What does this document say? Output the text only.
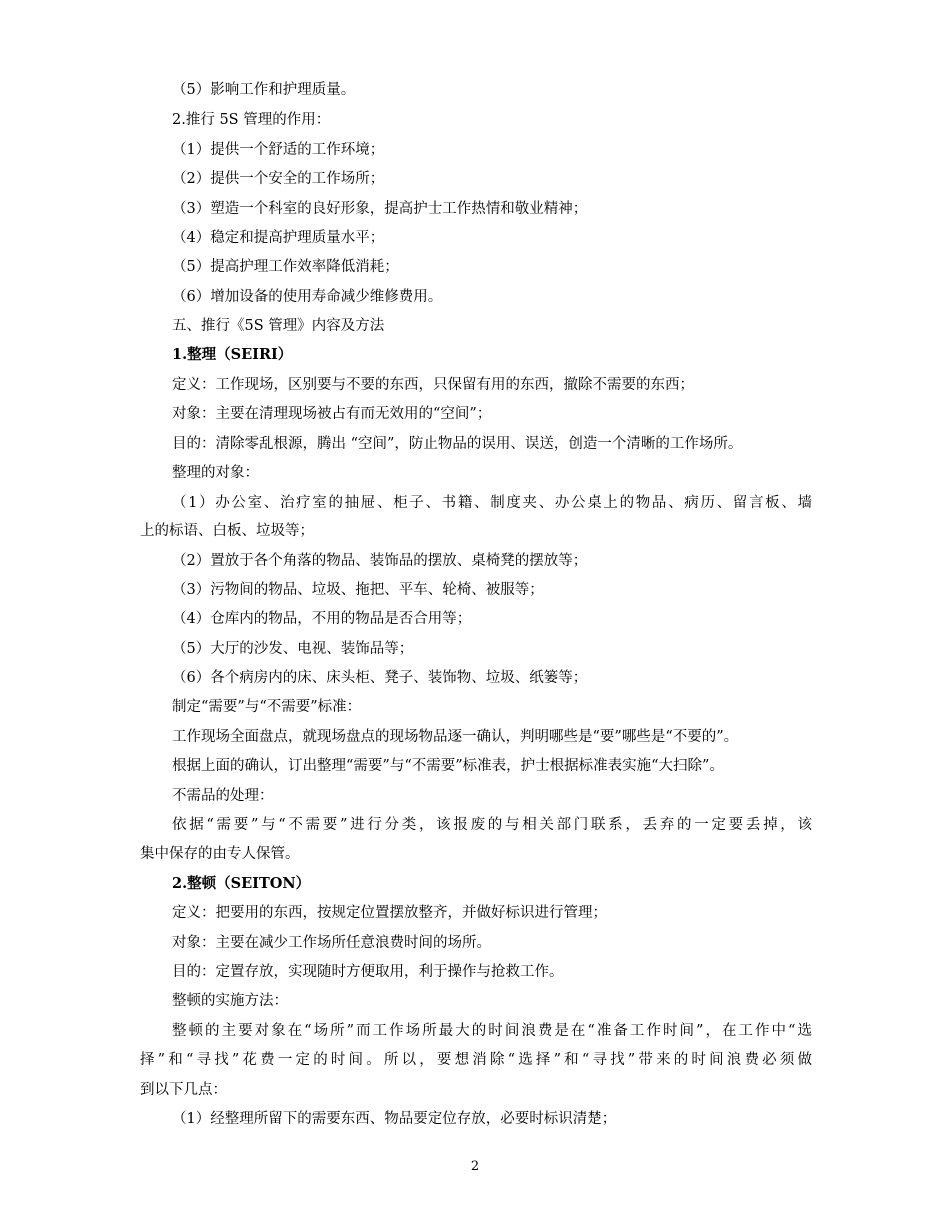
（5）影响工作和护理质量。
2.推行 5S 管理的作用：
（1）提供一个舒适的工作环境；
（2）提供一个安全的工作场所；
（3）塑造一个科室的良好形象，提高护士工作热情和敬业精神；
（4）稳定和提高护理质量水平；
（5）提高护理工作效率降低消耗；
（6）增加设备的使用寿命减少维修费用。
五、推行《5S 管理》内容及方法
1.整理（SEIRI）
定义：工作现场，区别要与不要的东西，只保留有用的东西，撤除不需要的东西；
对象：主要在清理现场被占有而无效用的“空间”；
目的：清除零乱根源，腾出 “空间”，防止物品的误用、误送，创造一个清晰的工作场所。
整理的对象：
（1）办公室、治疗室的抽屉、柜子、书籍、制度夹、办公桌上的物品、病历、留言板、墙
上的标语、白板、垃圾等；
（2）置放于各个角落的物品、装饰品的摆放、桌椅凳的摆放等；
（3）污物间的物品、垃圾、拖把、平车、轮椅、被服等；
（4）仓库内的物品，不用的物品是否合用等；
（5）大厅的沙发、电视、装饰品等；
（6）各个病房内的床、床头柜、凳子、装饰物、垃圾、纸篓等；
制定“需要”与“不需要”标准：
工作现场全面盘点，就现场盘点的现场物品逐一确认，判明哪些是“要”哪些是“不要的”。
根据上面的确认，订出整理“需要”与“不需要”标准表，护士根据标准表实施“大扫除”。
不需品的处理：
依据“需要”与“不需要”进行分类，该报废的与相关部门联系，丢弃的一定要丢掉，该
集中保存的由专人保管。
2.整顿（SEITON）
定义：把要用的东西，按规定位置摆放整齐，并做好标识进行管理；
对象：主要在减少工作场所任意浪费时间的场所。
目的：定置存放，实现随时方便取用，利于操作与抢救工作。
整顿的实施方法：
整顿的主要对象在“场所”而工作场所最大的时间浪费是在“准备工作时间”，在工作中“选
择”和“寻找”花费一定的时间。所以，要想消除“选择”和“寻找”带来的时间浪费必须做
到以下几点：
（1）经整理所留下的需要东西、物品要定位存放，必要时标识清楚；
2
